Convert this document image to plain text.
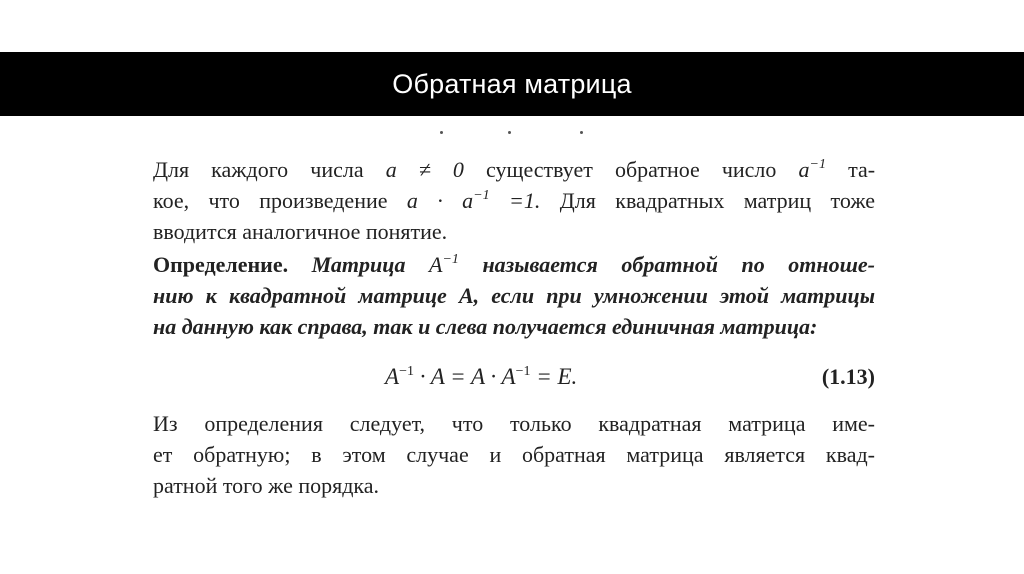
Обратная матрица

Для каждого числа a ≠ 0 существует обратное число $a^{-1}$ та-
кое, что произведение $a \cdot a^{-1} =1$. Для квадратных матриц тоже
вводится аналогичное понятие.

Определение. Матрица $A^{-1}$ называется обратной по отноше-
нию к квадратной матрице A, если при умножении этой матрицы
на данную как справа, так и слева получается единичная матрица:

$A^{-1} \cdot A = A \cdot A^{-1} = E$.	(1.13)

Из определения следует, что только квадратная матрица име-
ет обратную; в этом случае и обратная матрица является квад-
ратной того же порядка.
